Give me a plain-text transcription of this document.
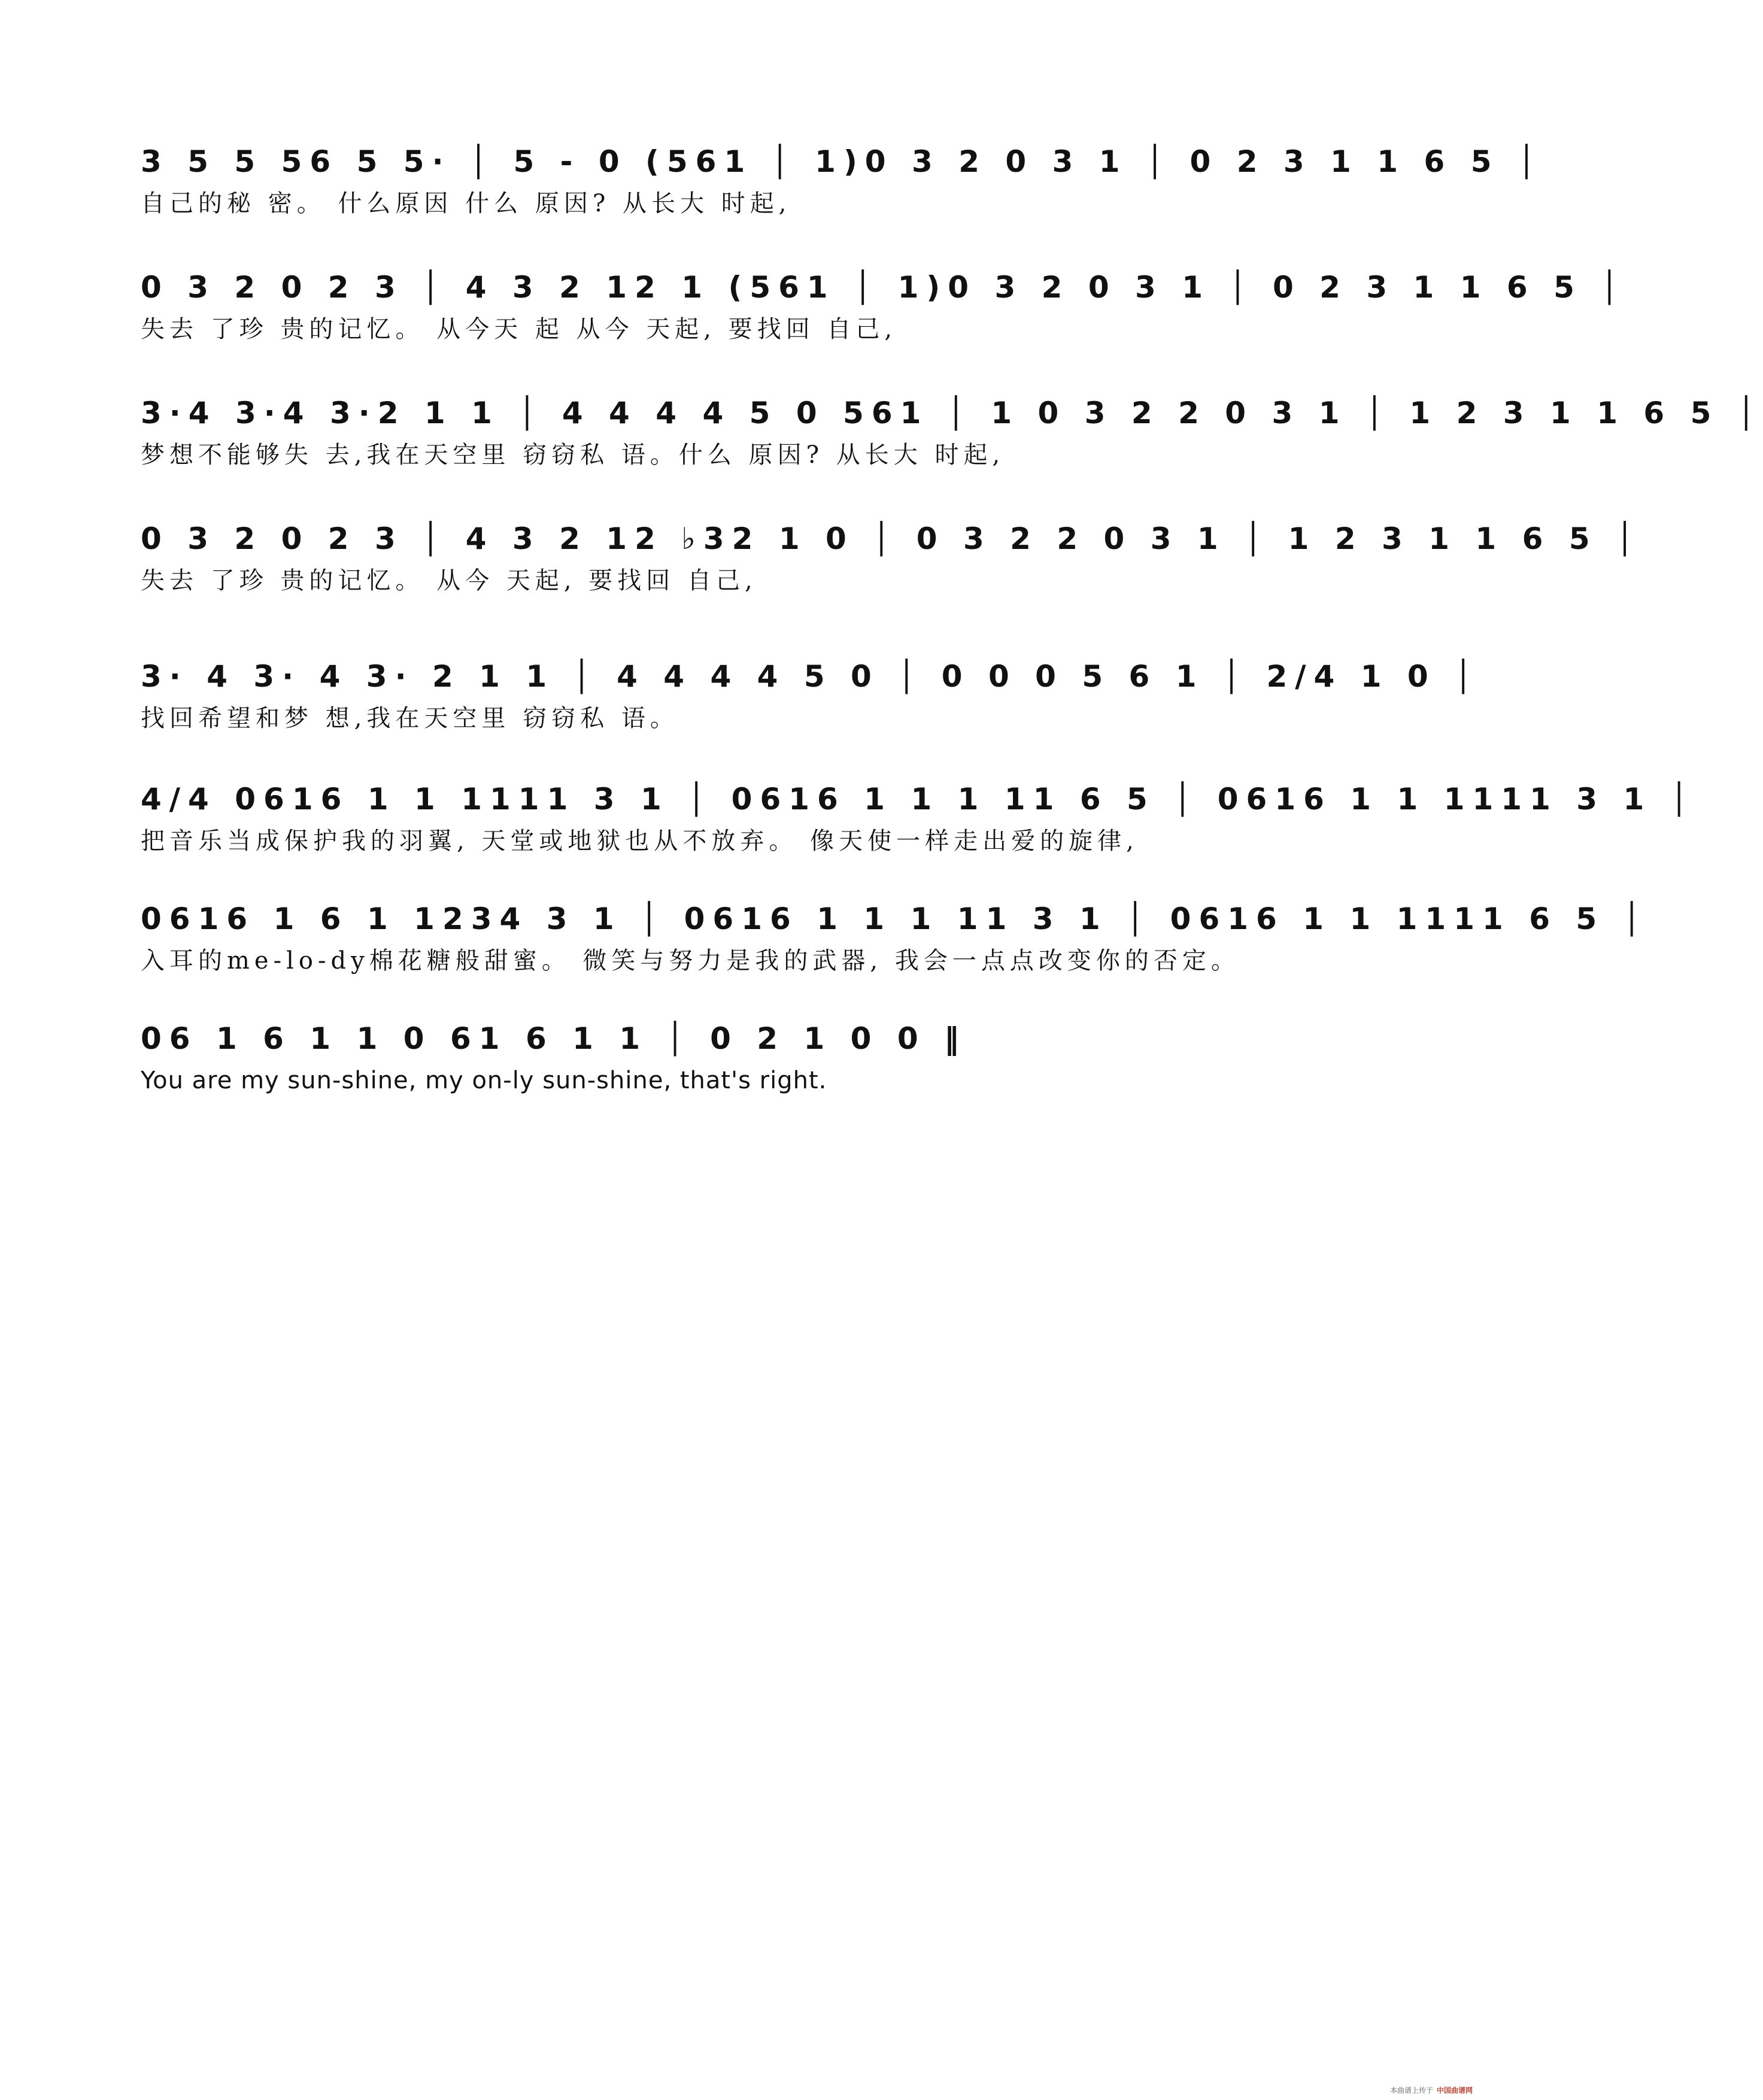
3 5 5 56 5 5· │ 5 - 0 (561 │ 1)0 3 2 0 3 1 │ 0 2 3 1 1 6 5 │
自己的秘 密。 什么原因 什么 原因? 从长大 时起,
0 3 2 0 2 3 │ 4 3 2 12 1 (561 │ 1)0 3 2 0 3 1 │ 0 2 3 1 1 6 5 │
失去 了珍 贵的记忆。 从今天 起 从今 天起, 要找回 自己,
3·4 3·4 3·2 1 1 │ 4 4 4 4 5 0 561 │ 1 0 3 2 2 0 3 1 │ 1 2 3 1 1 6 5 │
梦想不能够失 去,我在天空里 窃窃私 语。什么 原因? 从长大 时起,
0 3 2 0 2 3 │ 4 3 2 12 ♭32 1 0 │ 0 3 2 2 0 3 1 │ 1 2 3 1 1 6 5 │
失去 了珍 贵的记忆。 从今 天起, 要找回 自己,
3· 4 3· 4 3· 2 1 1 │ 4 4 4 4 5 0 │ 0 0 0 5 6 1 │ 2/4 1 0 │
找回希望和梦 想,我在天空里 窃窃私 语。
4/4 0616 1 1 1111 3 1 │ 0616 1 1 1 11 6 5 │ 0616 1 1 1111 3 1 │
把音乐当成保护我的羽翼, 天堂或地狱也从不放弃。 像天使一样走出爱的旋律,
0616 1 6 1 1234 3 1 │ 0616 1 1 1 11 3 1 │ 0616 1 1 1111 6 5 │
入耳的me-lo-dy棉花糖般甜蜜。 微笑与努力是我的武器, 我会一点点改变你的否定。
06 1 6 1 1 0 61 6 1 1 │ 0 2 1 0 0 ‖
You are my sun-shine, my on-ly sun-shine, that's right.
本曲谱上传于 中国曲谱网
